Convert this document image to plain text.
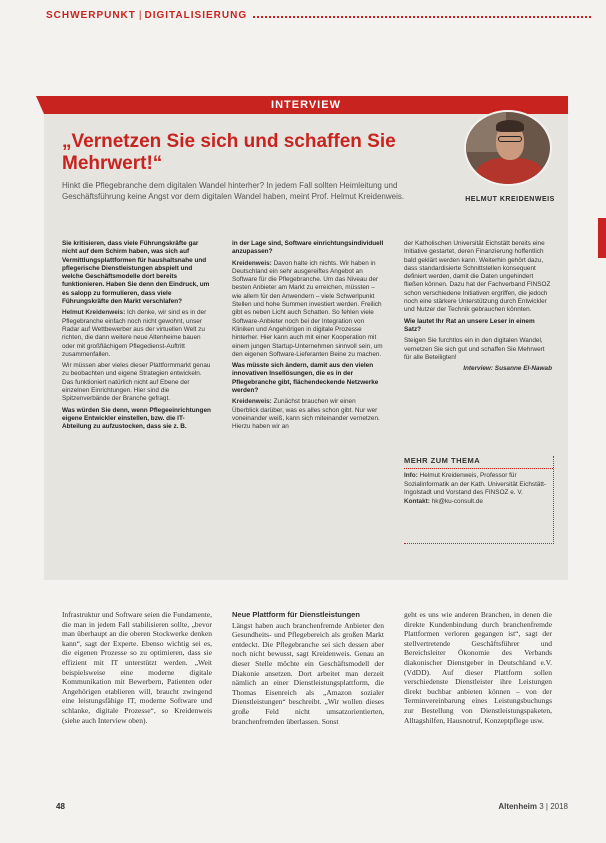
SCHWERPUNKT | DIGITALISIERUNG
INTERVIEW
HELMUT KREIDENWEIS
„Vernetzen Sie sich und schaffen Sie Mehrwert!“
Hinkt die Pflegebranche dem digitalen Wandel hinterher? In jedem Fall sollten Heimleitung und Geschäftsführung keine Angst vor dem digitalen Wandel haben, meint Prof. Helmut Kreidenweis.

Sie kritisieren, dass viele Führungskräfte gar nicht auf dem Schirm haben, was sich auf Vermittlungsplattformen für haushaltsnahe und pflegerische Dienstleistungen abspielt und welche Geschäftsmodelle dort bereits funktionieren. Haben Sie denn den Eindruck, um es salopp zu formulieren, dass viele Führungskräfte den Markt verschlafen?

Helmut Kreidenweis: Ich denke, wir sind es in der Pflegebranche einfach noch nicht gewohnt, unser Radar auf Wettbewerber aus der virtuellen Welt zu richten, die dann weitere neue Altenheime bauen oder mit großflächigem Pflegedienst-Auftritt zusammenfallen.

Wir müssen aber vieles dieser Plattformmarkt genau zu beobachten und eigene Strategien entwickeln. Das funktioniert natürlich nicht auf Ebene der einzelnen Einrichtungen. Hier sind die Spitzenverbände der Branche gefragt.

Was würden Sie denn, wenn Pflegeeinrichtungen eigene Entwickler einstellen, bzw. die IT-Abteilung zu aufzustocken, dass sie z. B.

in der Lage sind, Software einrichtungsindividuell anzupassen?

Kreidenweis: Davon halte ich nichts. Wir haben in Deutschland ein sehr ausgereiftes Angebot an Software für die Pflegebranche. Um das Niveau der besten Anbieter am Markt zu erreichen, müssten – wie allem für den Anwendern – viele Schwerlpunkt Stellen und hohe Summen investiert werden. Freilich gibt es neben Licht auch Schatten. So fehlen viele Software-Anbieter noch bei der Integration von Kliniken und Angehörigen in digitale Prozesse hinterher. Hier kann auch mit einer Kooperation mit einem jungen Startup-Unternehmen sinnvoll sein, um den eigenen Software-Lieferanten Beine zu machen.

Was müsste sich ändern, damit aus den vielen innovativen Insellösungen, die es in der Pflegebranche gibt, flächendeckende Netzwerke werden?

Kreidenweis: Zunächst brauchen wir einen Überblick darüber, was es alles schon gibt. Nur wer voneinander weiß, kann sich miteinander vernetzen. Hierzu haben wir an

der Katholischen Universität Eichstätt bereits eine Initiative gestartet, deren Finanzierung hoffentlich bald geklärt werden kann. Weiterhin gehört dazu, dass standardisierte Schnittstellen konsequent definiert werden, damit die Daten ungehindert fließen können. Dazu hat der Fachverband FINSOZ schon verschiedene Initiativen ergriffen, die jedoch noch eine stärkere Unterstützung durch Entwickler und Nutzer der Technik gebrauchen könnten.

Wie lautet Ihr Rat an unsere Leser in einem Satz?

Steigen Sie furchtlos ein in den digitalen Wandel, vernetzen Sie sich gut und schaffen Sie Mehrwert für alle Beteiligten!

Interview: Susanne El-Nawab

MEHR ZUM THEMA
Info: Helmut Kreidenweis, Professor für Sozialinformatik an der Kath. Universität Eichstätt-Ingolstadt und Vorstand des FINSOZ e. V.
Kontakt: hk@ku-consult.de

Infrastruktur und Software seien die Fundamente, die man in jedem Fall stabilisieren sollte, „bevor man überhaupt an die oberen Stockwerke denken kann“, sagt der Experte. Ebenso wichtig sei es, die eigenen Prozesse so zu optimieren, dass sie effizient mit IT unterstützt werden. „Weit beispielsweise eine moderne digitale Kommunikation mit Bewerbern, Patienten oder Angehörigen etablieren will, braucht zwingend eine leistungsfähige IT, moderne Software und schlanke, digitale Prozesse“, so Kreidenweis (siehe auch Interview oben).

Neue Plattform für Dienstleistungen

Längst haben auch branchenfremde Anbieter den Gesundheits- und Pflegebereich als großen Markt entdeckt. Die Pflegebranche sei sich dessen aber noch nicht bewusst, sagt Kreidenweis. Genau an dieser Stelle möchte ein Geschäftsmodell der Diakonie ansetzen. Dort arbeitet man derzeit nämlich an einer Dienstleistungsplattform, die Thomas Eisenreich als „Amazon sozialer Dienstleistungen“ beschreibt. „Wir wollen dieses große Feld nicht umsatzorientierten, branchenfremden überlassen. Sonst

geht es uns wie anderen Branchen, in denen die direkte Kundenbindung durch branchenfremde Plattformen verloren gegangen ist“, sagt der stellvertretende Geschäftsführer und Bereichsleiter Ökonomie des Verbands diakonischer Dienstgeber in Deutschland e.V. (VdDD). Auf dieser Plattform sollen verschiedenste Dienstleister ihre Leistungen direkt buchbar anbieten können – von der Terminvereinbarung eines Leistungsbuchungs zur Bestellung von Dienstleistungspaketen, Alltagshilfen, Hausnotruf, Konzeptpflege usw.

48	Altenheim 3 | 2018
